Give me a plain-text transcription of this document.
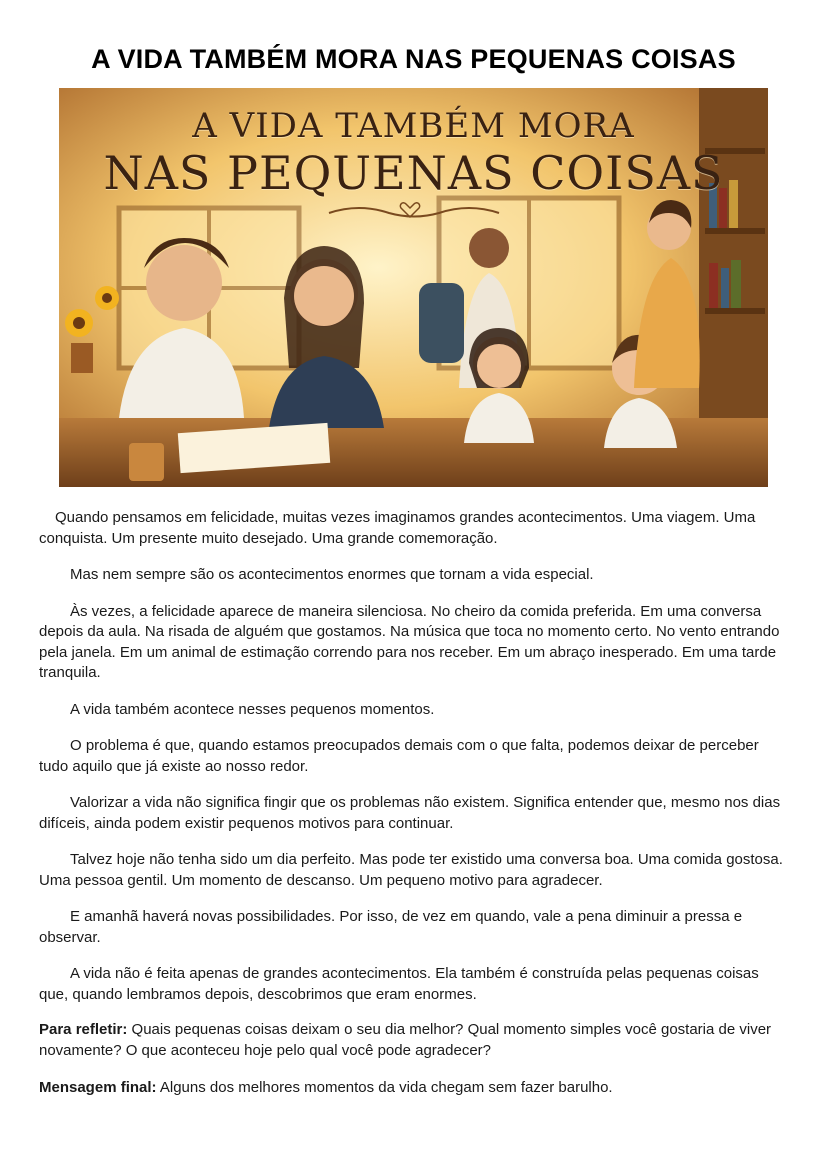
A VIDA TAMBÉM MORA NAS PEQUENAS COISAS
A VIDA TAMBÉM MORA
NAS PEQUENAS COISAS

Quando pensamos em felicidade, muitas vezes imaginamos grandes acontecimentos. Uma viagem. Uma conquista. Um presente muito desejado. Uma grande comemoração.

Mas nem sempre são os acontecimentos enormes que tornam a vida especial.

Às vezes, a felicidade aparece de maneira silenciosa. No cheiro da comida preferida. Em uma conversa depois da aula. Na risada de alguém que gostamos. Na música que toca no momento certo. No vento entrando pela janela. Em um animal de estimação correndo para nos receber. Em um abraço inesperado. Em uma tarde tranquila.

A vida também acontece nesses pequenos momentos.

O problema é que, quando estamos preocupados demais com o que falta, podemos deixar de perceber tudo aquilo que já existe ao nosso redor.

Valorizar a vida não significa fingir que os problemas não existem. Significa entender que, mesmo nos dias difíceis, ainda podem existir pequenos motivos para continuar.

Talvez hoje não tenha sido um dia perfeito. Mas pode ter existido uma conversa boa. Uma comida gostosa. Uma pessoa gentil. Um momento de descanso. Um pequeno motivo para agradecer.

E amanhã haverá novas possibilidades. Por isso, de vez em quando, vale a pena diminuir a pressa e observar.

A vida não é feita apenas de grandes acontecimentos. Ela também é construída pelas pequenas coisas que, quando lembramos depois, descobrimos que eram enormes.

Para refletir: Quais pequenas coisas deixam o seu dia melhor? Qual momento simples você gostaria de viver novamente? O que aconteceu hoje pelo qual você pode agradecer?

Mensagem final: Alguns dos melhores momentos da vida chegam sem fazer barulho.
